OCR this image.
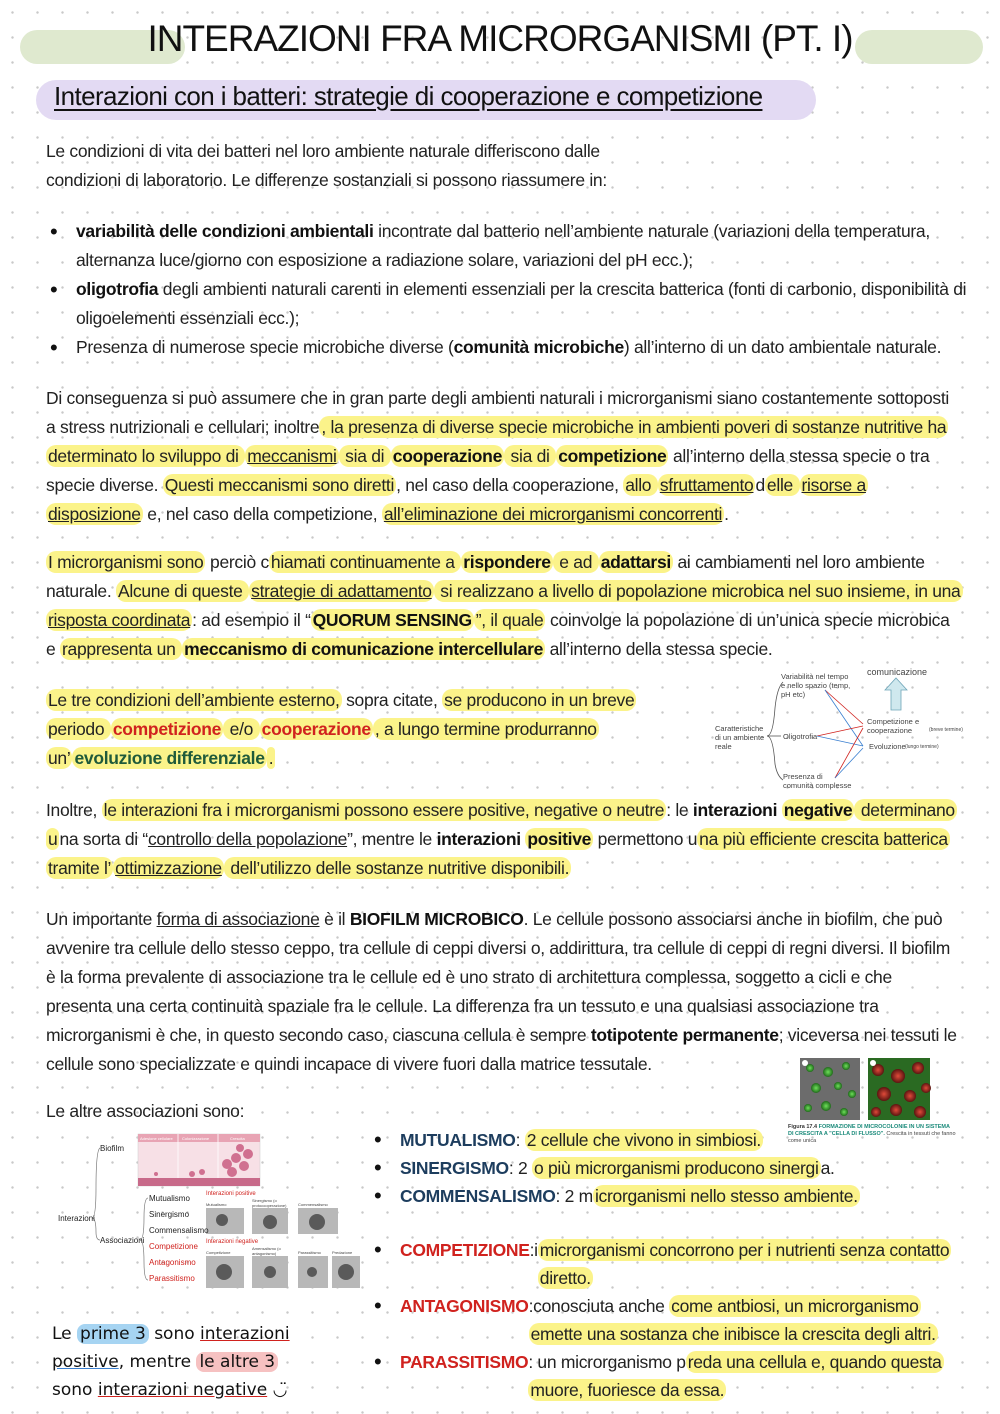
INTERAZIONI FRA MICRORGANISMI (PT. I)
Interazioni con i batteri: strategie di cooperazione e competizione
Le condizioni di vita dei batteri nel loro ambiente naturale differiscono dalle
condizioni di laboratorio. Le differenze sostanziali si possono riassumere in:
• variabilità delle condizioni ambientali incontrate dal batterio nell’ambiente naturale (variazioni della temperatura, alternanza luce/giorno con esposizione a radiazione solare, variazioni del pH ecc.);
• oligotrofia degli ambienti naturali carenti in elementi essenziali per la crescita batterica (fonti di carbonio, disponibilità di oligoelementi essenziali ecc.);
• Presenza di numerose specie microbiche diverse (comunità microbiche) all’interno di un dato ambientale naturale.
Di conseguenza si può assumere che in gran parte degli ambienti naturali i microrganismi siano costantemente sottoposti a stress nutrizionali e cellulari; inoltre , la presenza di diverse specie microbiche in ambienti poveri di sostanze nutritive ha determinato lo sviluppo di meccanismi sia di cooperazione sia di competizione all’interno della stessa specie o tra specie diverse. Questi meccanismi sono diretti , nel caso della cooperazione, allo sfruttamento d elle risorse a disposizione e, nel caso della competizione, all’eliminazione dei microrganismi concorrenti .
I microrganismi sono perciò c hiamati continuamente a rispondere e ad adattarsi ai cambiamenti nel loro ambiente naturale. Alcune di queste strategie di adattamento si realizzano a livello di popolazione microbica nel suo insieme, in una risposta coordinata : ad esempio il “ QUORUM SENSING ”, il quale coinvolge la popolazione di un’unica specie microbica e rappresenta un meccanismo di comunicazione intercellulare all’interno della stessa specie.
Le tre condizioni dell’ambiente esterno, sopra citate, se producono in un breve periodo competizione e/o cooperazione , a lungo termine produrranno un’ evoluzione differenziale .
Caratteristiche di un ambiente reale
Variabilità nel tempo e nello spazio (temp, pH etc)
Oligotrofia
Presenza di comunità complesse
comunicazione
Competizione e cooperazione	(breve termine)
Evoluzione (lungo termine)
Inoltre, le interazioni fra i microrganismi possono essere positive, negative o neutre : le interazioni negative determinano u na sorta di “controllo della popolazione”, mentre le interazioni positive permettono u na più efficiente crescita batterica tramite l’ ottimizzazione dell’utilizzo delle sostanze nutritive disponibili.
Un importante forma di associazione è il BIOFILM MICROBICO. Le cellule possono associarsi anche in biofilm, che può avvenire tra cellule dello stesso ceppo, tra cellule di ceppi diversi o, addirittura, tra cellule di ceppi di regni diversi. Il biofilm è la forma prevalente di associazione tra le cellule ed è uno strato di architettura complessa, soggetto a cicli e che presenta una certa continuità spaziale fra le cellule. La differenza fra un tessuto e una qualsiasi associazione tra microrganismi è che, in questo secondo caso, ciascuna cellula è sempre totipotente permanente; viceversa nei tessuti le cellule sono specializzate e quindi incapace di vivere fuori dalla matrice tessutale.
Figura 17.4 FORMAZIONE DI MICROCOLONIE IN UN SISTEMA DI CRESCITA A "CELLA DI FLUSSO". Crescita in tessuti che fanno come unica
Le altre associazioni sono:
Interazioni
Biofilm
Associazioni
Adesione cellulare Colonizzazione	Crescita
Mutualismo
Sinergismo
Commensalismo
Competizione
Antagonismo
Parassitismo
Interazioni positive
Mutualismo
Sinergismo (o protocooperazione)	Commensalismo
Interazioni negative
Competizione
Amensalismo (o antagonismo)	Parassitismo	Predazione
• MUTUALISMO: 2 cellule che vivono in simbiosi.
• SINERGISMO: 2 o più microrganismi producono sinergi a.
• COMMENSALISMO: 2 m icrorganismi nello stesso ambiente.
• COMPETIZIONE:i microrganismi concorrono per i nutrienti senza contatto diretto.
• ANTAGONISMO :conosciuta anche come antbiosi, un microrganismo emette una sostanza che inibisce la crescita degli altri.
• PARASSITISMO : un microrganismo p reda una cellula e, quando questa muore, fuoriesce da essa.
Le prime 3 sono interazioni
positive, mentre le altre 3
sono interazioni negative ◡̈
